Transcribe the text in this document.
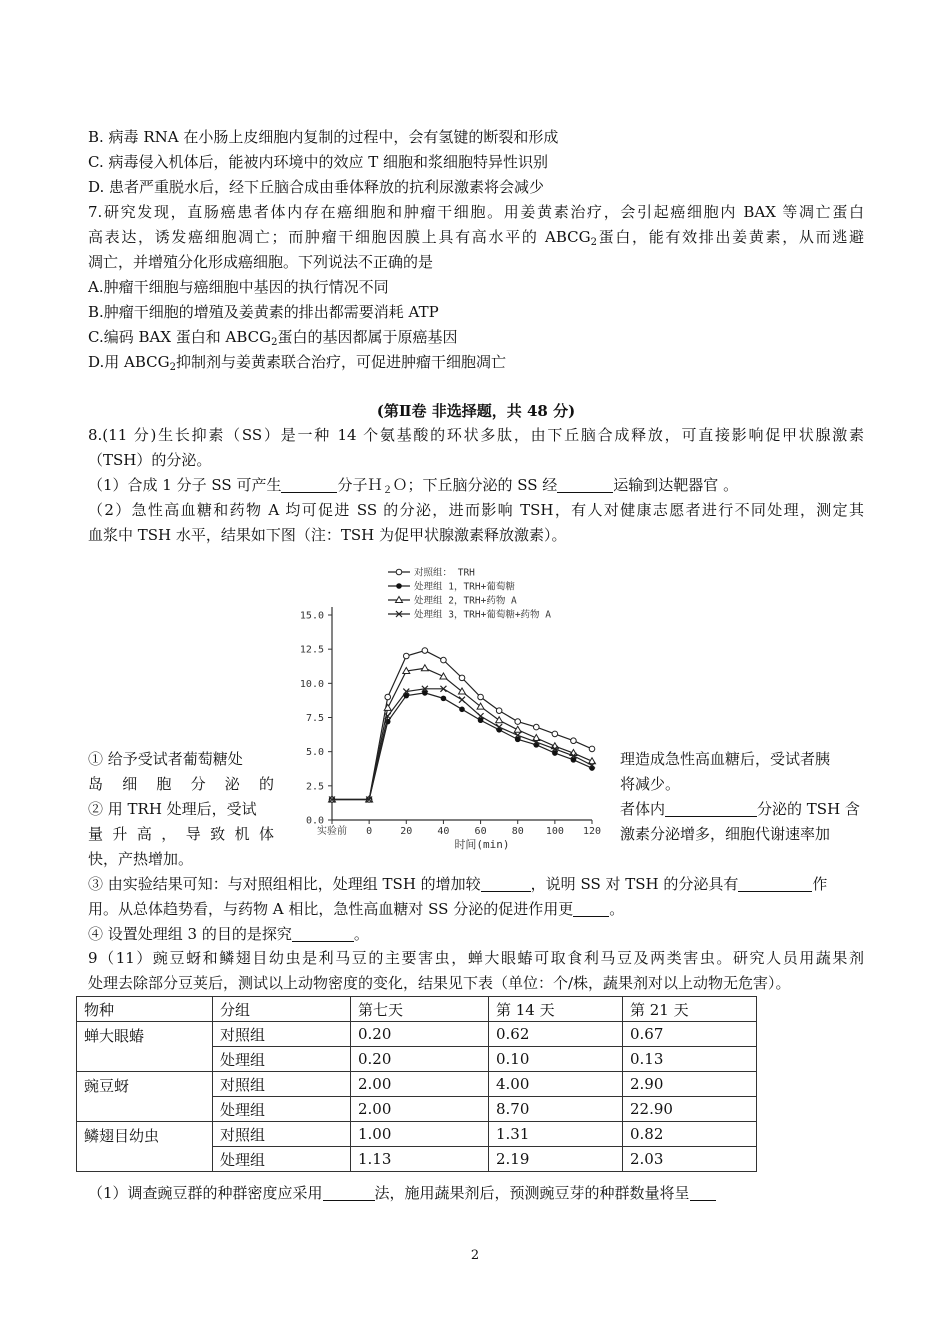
B. 病毒 RNA 在小肠上皮细胞内复制的过程中，会有氢键的断裂和形成
C. 病毒侵入机体后，能被内环境中的效应 T 细胞和浆细胞特异性识别
D. 患者严重脱水后，经下丘脑合成由垂体释放的抗利尿激素将会减少
7.研究发现，直肠癌患者体内存在癌细胞和肿瘤干细胞。用姜黄素治疗，会引起癌细胞内 BAX 等凋亡蛋白
高表达，诱发癌细胞凋亡；而肿瘤干细胞因膜上具有高水平的 $ABCG_2$蛋白，能有效排出姜黄素，从而逃避
凋亡，并增殖分化形成癌细胞。下列说法不正确的是
A.肿瘤干细胞与癌细胞中基因的执行情况不同
B.肿瘤干细胞的增殖及姜黄素的排出都需要消耗 ATP
C.编码 BAX 蛋白和 $ABCG_2$蛋白的基因都属于原癌基因
D.用 $ABCG_2$抑制剂与姜黄素联合治疗，可促进肿瘤干细胞凋亡
(第Ⅱ卷 非选择题，共 48 分)
8.(11 分)生长抑素（SS）是一种 14 个氨基酸的环状多肽，由下丘脑合成释放，可直接影响促甲状腺激素
（TSH）的分泌。
（1）合成 1 分子 SS 可产生	分子Ｈ$_2$Ｏ；下丘脑分泌的 SS 经	运输到达靶器官 。
（2）急性高血糖和药物 A 均可促进 SS 的分泌，进而影响 TSH，有人对健康志愿者进行不同处理，测定其
血浆中 TSH 水平，结果如下图（注：TSH 为促甲状腺激素释放激素）。
对照组： TRH
处理组 1，TRH+葡萄糖
处理组 2，TRH+药物 A
处理组 3，TRH+葡萄糖+药物 A
15.0
12.5
10.0
7.5
5.0
2.5
0.0
实验前 0	20	40	60	80 100 120
时间(min)
① 给予受试者葡萄糖处	理造成急性高血糖后，受试者胰
岛 细 胞 分 泌 的	将减少。
② 用 TRH 处理后，受试	者体内	分泌的 TSH 含
量 升 高 ， 导 致 机 体	激素分泌增多，细胞代谢速率加
快，产热增加。
③ 由实验结果可知：与对照组相比，处理组 TSH 的增加较	，说明 SS 对 TSH 的分泌具有	作
用。从总体趋势看，与药物 A 相比，急性高血糖对 SS 分泌的促进作用更 。
④ 设置处理组 3 的目的是探究	。
9（11）豌豆蚜和鳞翅目幼虫是利马豆的主要害虫，蝉大眼蝽可取食利马豆及两类害虫。研究人员用蔬果剂
处理去除部分豆荚后，测试以上动物密度的变化，结果见下表（单位：个/株，蔬果剂对以上动物无危害）。
物种	分组	第七天	第 14 天	第 21 天
蝉大眼蝽	对照组	0.20	0.62	0.67
	处理组	0.20	0.10	0.13
豌豆蚜	对照组	2.00	4.00	2.90
	处理组	2.00	8.70	22.90
鳞翅目幼虫	对照组	1.00	1.31	0.82
	处理组	1.13	2.19	2.03
（1）调查豌豆群的种群密度应采用	法，施用蔬果剂后，预测豌豆芽的种群数量将呈
2
